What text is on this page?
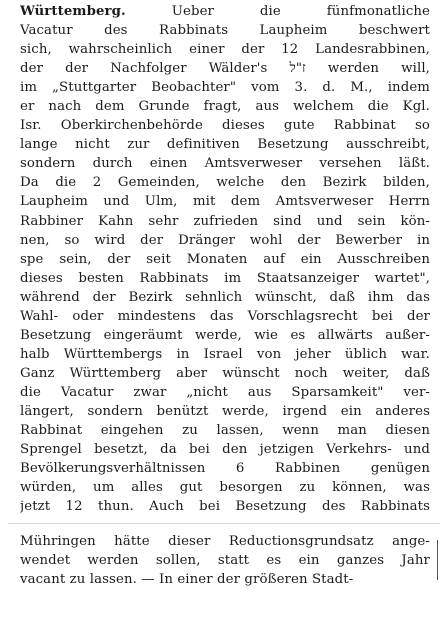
Württemberg.	Ueber die fünfmonatliche
Vacatur des Rabbinats Laupheim beschwert
sich, wahrscheinlich einer der 12 Landesrabbinen,
der der Nachfolger Wälder's ז"ל werden will,
im „Stuttgarter Beobachter" vom 3. d. M., indem
er nach dem Grunde fragt, aus welchem die Kgl.
Isr. Oberkirchenbehörde dieses gute Rabbinat so
lange nicht zur definitiven Besetzung ausschreibt,
sondern durch einen Amtsverweser versehen läßt.
Da die 2 Gemeinden, welche den Bezirk bilden,
Laupheim und Ulm, mit dem Amtsverweser Herrn
Rabbiner Kahn sehr zufrieden sind und sein kön-
nen, so wird der Dränger wohl der Bewerber in
spe sein, der seit Monaten auf ein Ausschreiben
dieses besten Rabbinats im Staatsanzeiger wartet",
während der Bezirk sehnlich wünscht, daß ihm das
Wahl- oder mindestens das Vorschlagsrecht bei der
Besetzung eingeräumt werde, wie es allwärts außer-
halb Württembergs in Israel von jeher üblich war.
Ganz Württemberg aber wünscht noch weiter, daß
die Vacatur zwar „nicht aus Sparsamkeit" ver-
längert, sondern benützt werde, irgend ein anderes
Rabbinat eingehen zu lassen, wenn man diesen
Sprengel besetzt, da bei den jetzigen Verkehrs- und
Bevölkerungsverhältnissen 6 Rabbinen genügen
würden, um alles gut besorgen zu können, was
jetzt 12 thun. Auch bei Besetzung des Rabbinats
Mühringen hätte dieser Reductionsgrundsatz ange-
wendet werden sollen, statt es ein ganzes Jahr
vacant zu lassen. — In einer der größeren Stadt-
